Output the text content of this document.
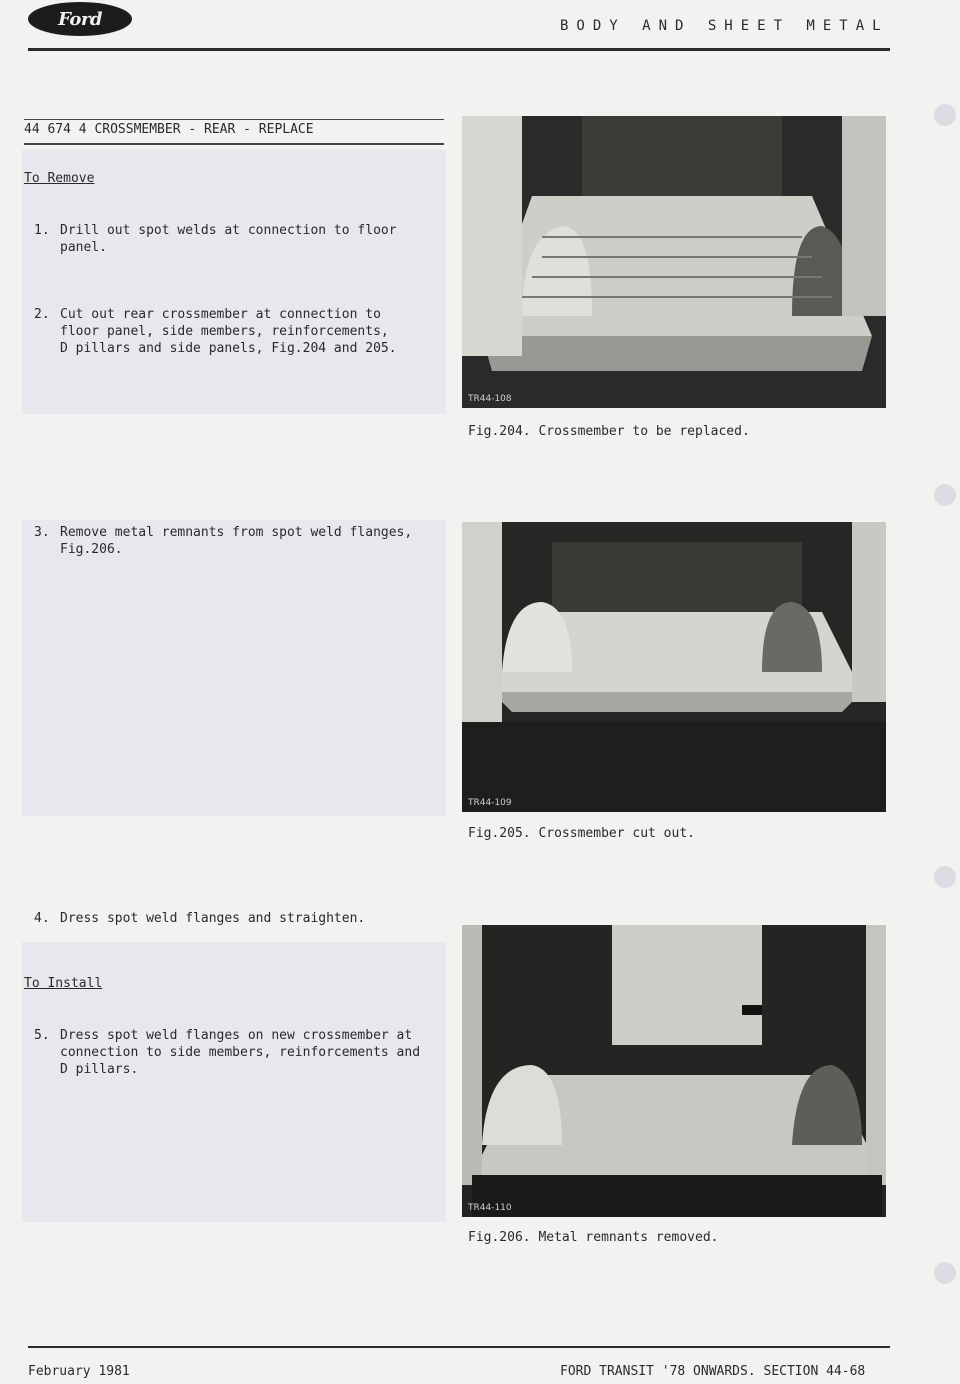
Ford	BODY AND SHEET METAL
44 674 4 CROSSMEMBER - REAR - REPLACE
To Remove
1. Drill out spot welds at connection to floor
panel.
2. Cut out rear crossmember at connection to
floor panel, side members, reinforcements,
D pillars and side panels, Fig.204 and 205.
3. Remove metal remnants from spot weld flanges,
Fig.206.
4. Dress spot weld flanges and straighten.
To Install
5. Dress spot weld flanges on new crossmember at
connection to side members, reinforcements and
D pillars.
TR44-108
Fig.204. Crossmember to be replaced.
TR44-109
Fig.205. Crossmember cut out.
TR44-110
Fig.206. Metal remnants removed.
February 1981	FORD TRANSIT '78 ONWARDS. SECTION 44-68
